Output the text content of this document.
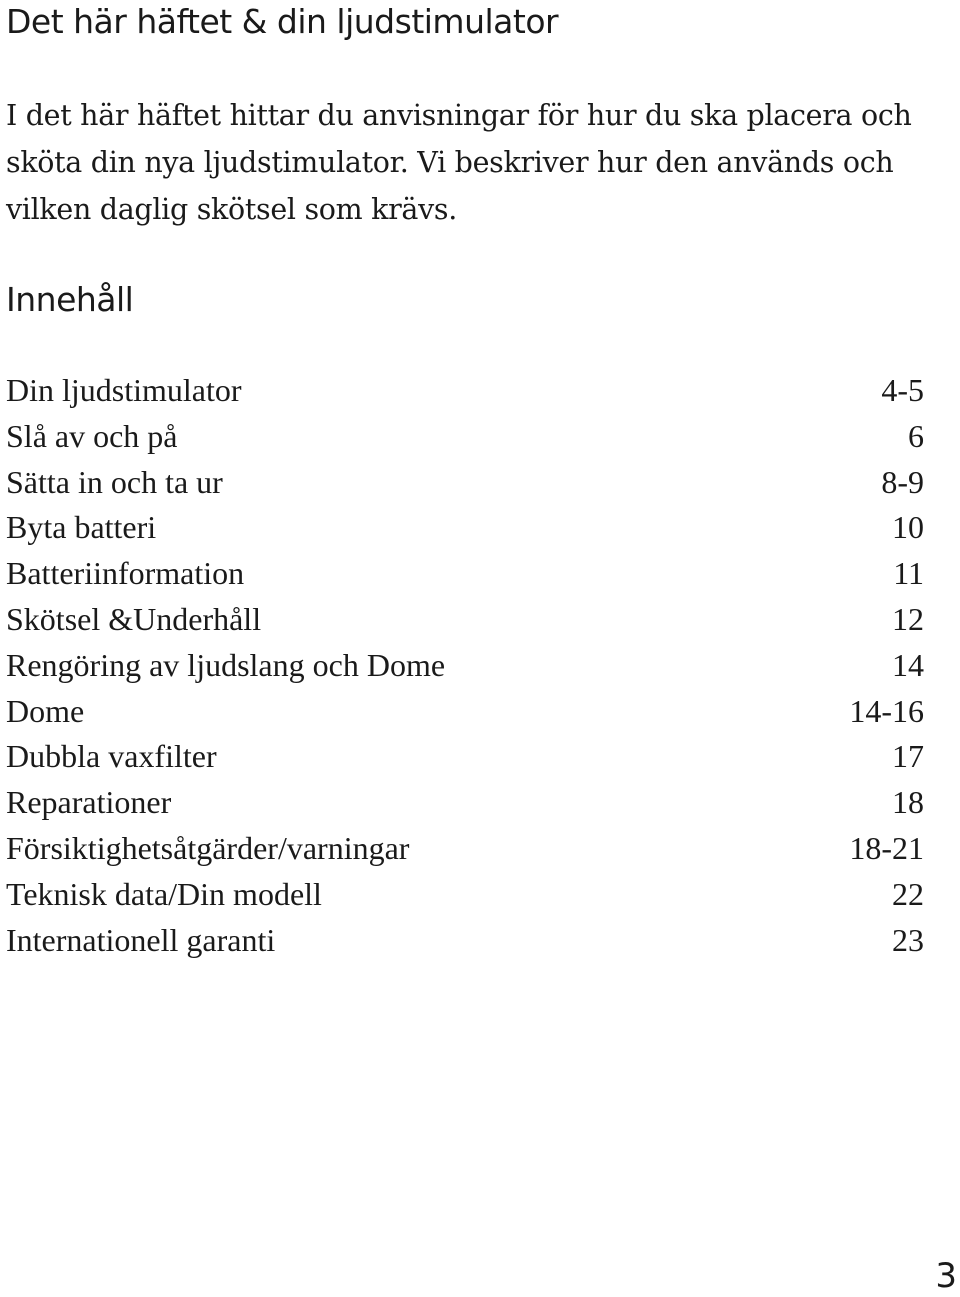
Det här häftet & din ljudstimulator

I det här häftet hittar du anvisningar för hur du ska placera och sköta din nya ljudstimulator. Vi beskriver hur den används och vilken daglig skötsel som krävs.

Innehåll
Din ljudstimulator	4-5
Slå av och på	6
Sätta in och ta ur	8-9
Byta batteri	10
Batteriinformation	11
Skötsel &Underhåll	12
Rengöring av ljudslang och Dome	14
Dome	14-16
Dubbla vaxfilter	17
Reparationer	18
Försiktighetsåtgärder/varningar	18-21
Teknisk data/Din modell	22
Internationell garanti	23
3
